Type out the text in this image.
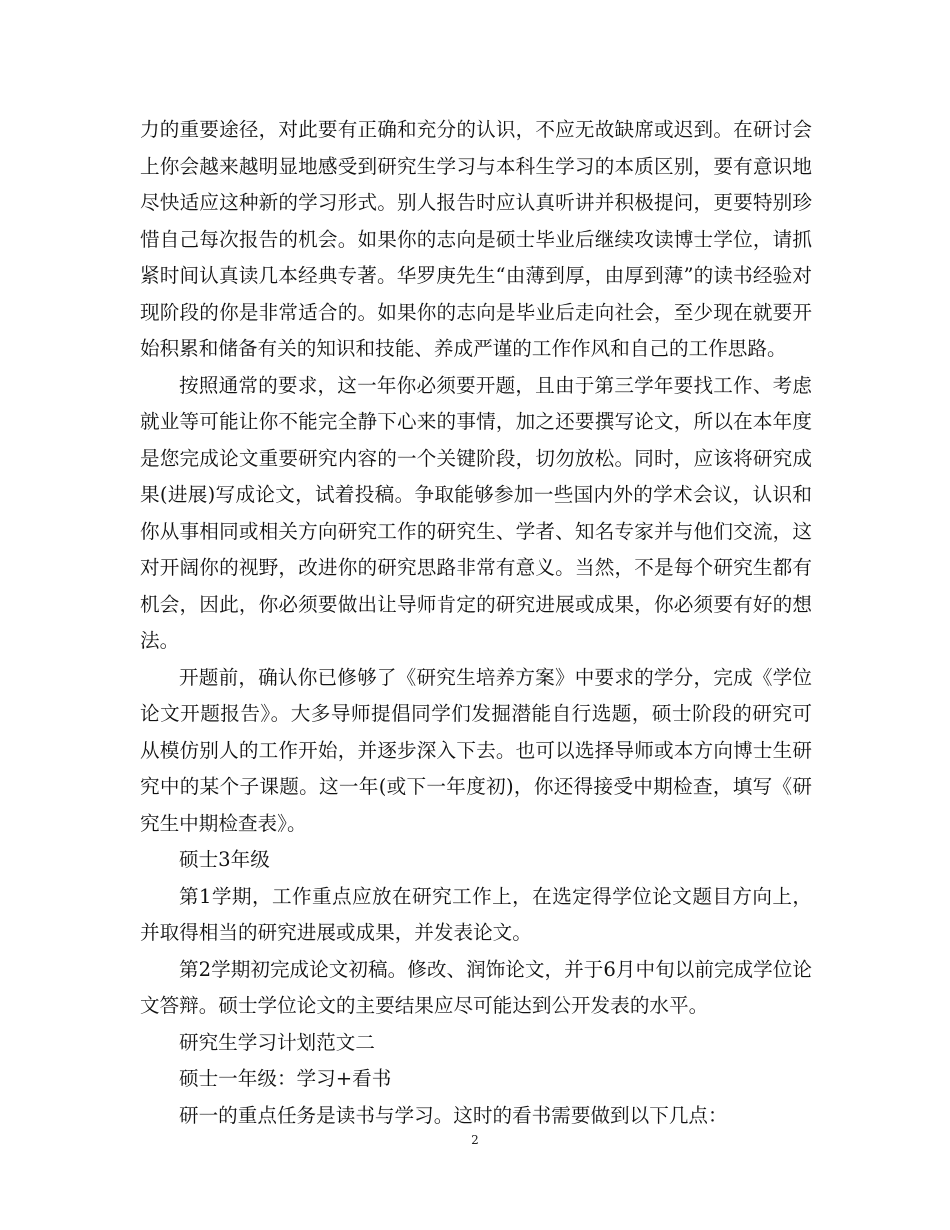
力的重要途径，对此要有正确和充分的认识，不应无故缺席或迟到。在研讨会上你会越来越明显地感受到研究生学习与本科生学习的本质区别，要有意识地尽快适应这种新的学习形式。别人报告时应认真听讲并积极提问，更要特别珍惜自己每次报告的机会。如果你的志向是硕士毕业后继续攻读博士学位，请抓紧时间认真读几本经典专著。华罗庚先生“由薄到厚，由厚到薄”的读书经验对现阶段的你是非常适合的。如果你的志向是毕业后走向社会，至少现在就要开始积累和储备有关的知识和技能、养成严谨的工作作风和自己的工作思路。

按照通常的要求，这一年你必须要开题，且由于第三学年要找工作、考虑就业等可能让你不能完全静下心来的事情，加之还要撰写论文，所以在本年度是您完成论文重要研究内容的一个关键阶段，切勿放松。同时，应该将研究成果(进展)写成论文，试着投稿。争取能够参加一些国内外的学术会议，认识和你从事相同或相关方向研究工作的研究生、学者、知名专家并与他们交流，这对开阔你的视野，改进你的研究思路非常有意义。当然，不是每个研究生都有机会，因此，你必须要做出让导师肯定的研究进展或成果，你必须要有好的想法。

开题前，确认你已修够了《研究生培养方案》中要求的学分，完成《学位论文开题报告》。大多导师提倡同学们发掘潜能自行选题，硕士阶段的研究可从模仿别人的工作开始，并逐步深入下去。也可以选择导师或本方向博士生研究中的某个子课题。这一年(或下一年度初)，你还得接受中期检查，填写《研究生中期检查表》。

硕士3年级

第1学期，工作重点应放在研究工作上，在选定得学位论文题目方向上，并取得相当的研究进展或成果，并发表论文。

第2学期初完成论文初稿。修改、润饰论文，并于6月中旬以前完成学位论文答辩。硕士学位论文的主要结果应尽可能达到公开发表的水平。

研究生学习计划范文二

硕士一年级：学习+看书

研一的重点任务是读书与学习。这时的看书需要做到以下几点：

2
